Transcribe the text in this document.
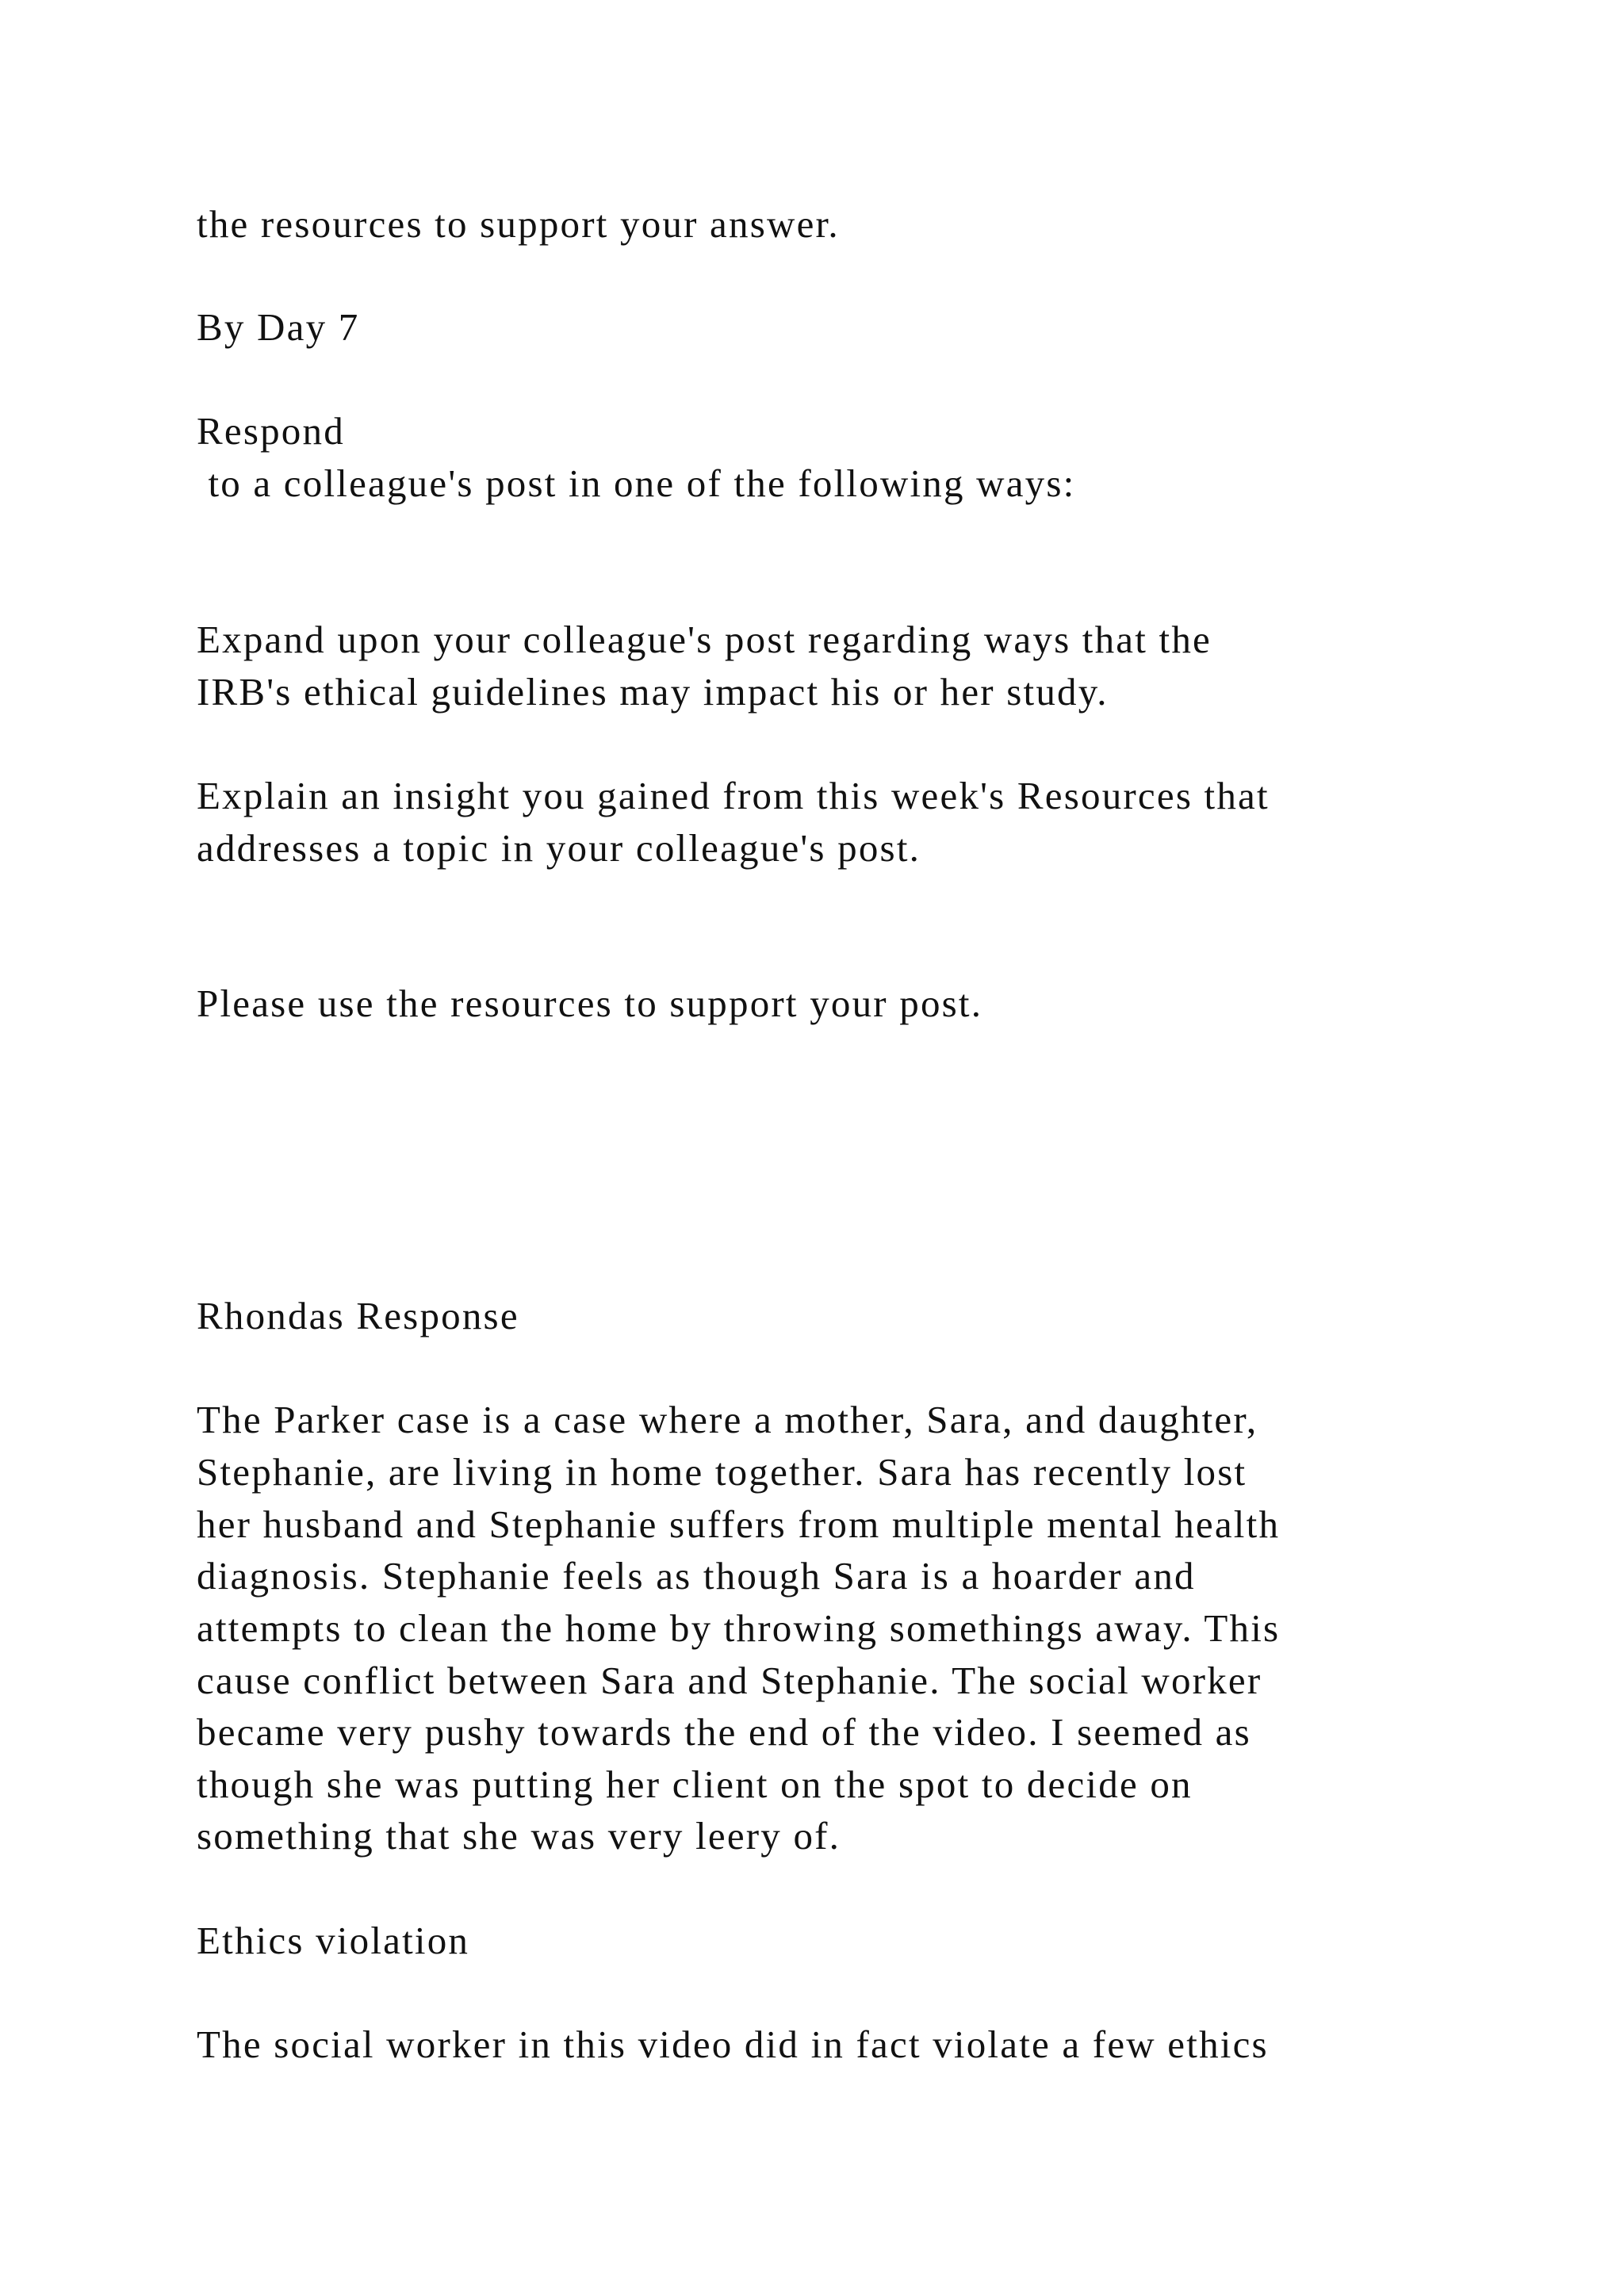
the resources to support your answer.

By Day 7

Respond

to a colleague's post in one of the following ways:

Expand upon your colleague's post regarding ways that the

IRB's ethical guidelines may impact his or her study.

Explain an insight you gained from this week's Resources that

addresses a topic in your colleague's post.

Please use the resources to support your post.

Rhondas Response

The Parker case is a case where a mother, Sara, and daughter,

Stephanie, are living in home together. Sara has recently lost

her husband and Stephanie suffers from multiple mental health

diagnosis. Stephanie feels as though Sara is a hoarder and

attempts to clean the home by throwing somethings away. This

cause conflict between Sara and Stephanie. The social worker

became very pushy towards the end of the video. I seemed as

though she was putting her client on the spot to decide on

something that she was very leery of.

Ethics violation

The social worker in this video did in fact violate a few ethics
